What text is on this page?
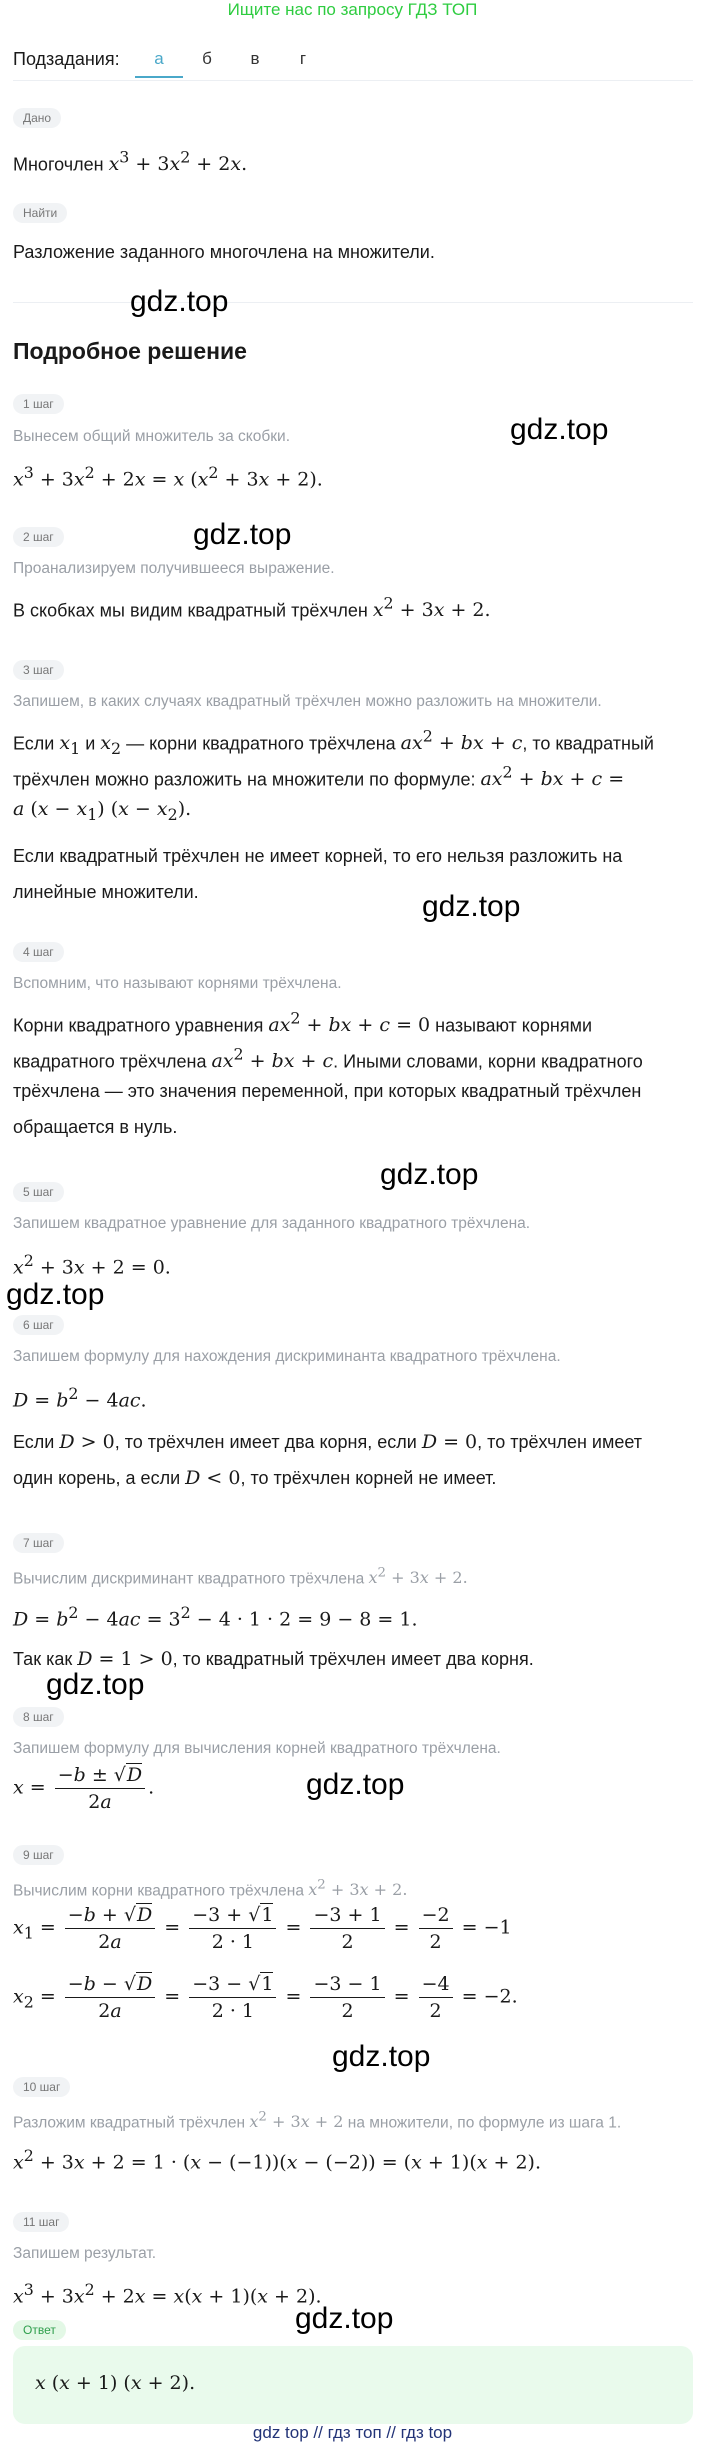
Ищите нас по запросу ГДЗ ТОП
Подзадания:	а	б	в	г
Дано
Многочлен $x^3 + 3x^2 + 2x$.
Найти
Разложение заданного многочлена на множители.
gdz.top
Подробное решение
1 шаг
Вынесем общий множитель за скобки.	gdz.top
$x^3 + 3x^2 + 2x = x$ $(x^2 + 3x + 2)$.
gdz.top
2 шаг
Проанализируем получившееся выражение.
В скобках мы видим квадратный трёхчлен $x^2 + 3x + 2$.
3 шаг
Запишем, в каких случаях квадратный трёхчлен можно разложить на множители.
Если $x_1$ и $x_2$ — корни квадратного трёхчлена $ax^2$ + bx + c, то квадратный
трёхчлен можно разложить на множители по формуле: $ax^2$ + bx + c =
a $(x - x_1)$ $(x - x_2)$.
Если квадратный трёхчлен не имеет корней, то его нельзя разложить на
линейные множители.	gdz.top
4 шаг
Вспомним, что называют корнями трёхчлена.
Корни квадратного уравнения $ax^2$ + bx + c = 0 называют корнями
квадратного трёхчлена $ax^2$ + bx + c. Иными словами, корни квадратного
трёхчлена — это значения переменной, при которых квадратный трёхчлен
обращается в нуль.
gdz.top
5 шаг
Запишем квадратное уравнение для заданного квадратного трёхчлена.
$x^2 + 3x + 2 = 0$.
gdz.top
6 шаг
Запишем формулу для нахождения дискриминанта квадратного трёхчлена.
$D = b^2 - 4ac$.
Если D > 0, то трёхчлен имеет два корня, если D = 0, то трёхчлен имеет
один корень, а если D < 0, то трёхчлен корней не имеет.
7 шаг
Вычислим дискриминант квадратного трёхчлена $x^2 + 3x + 2$.
$D = b^2 - 4ac = 3^2 - 4 \cdot 1 \cdot 2 = 9 - 8 = 1$.
Так как D = 1 > 0, то квадратный трёхчлен имеет два корня.
gdz.top
8 шаг
Запишем формулу для вычисления корней квадратного трёхчлена.
$x = \frac{-b \pm √D}{2a}$ .	gdz.top
9 шаг
Вычислим корни квадратного трёхчлена $x^2 + 3x + 2$.
$x_1 = \frac{-b + √D}{2a} = \frac{-3 + √1}{2 \cdot 1} = \frac{-3 + 1}{2} = \frac{-2}{2} = -1$
$x_2 = \frac{-b - √D}{2a} = \frac{-3 - √1}{2 \cdot 1} = \frac{-3 - 1}{2} = \frac{-4}{2} = -2$.
gdz.top
10 шаг
Разложим квадратный трёхчлен $x^2 + 3x + 2$ на множители, по формуле из шага 1.
$x^2 + 3x + 2 = 1 \cdot (x - (-1))(x - (-2)) = (x + 1)(x + 2)$.
11 шаг
Запишем результат.
$x^3 + 3x^2 + 2x = x(x + 1)(x + 2)$.
gdz.top
Ответ
x (x + 1) (x + 2).
gdz top // гдз топ // гдз top
